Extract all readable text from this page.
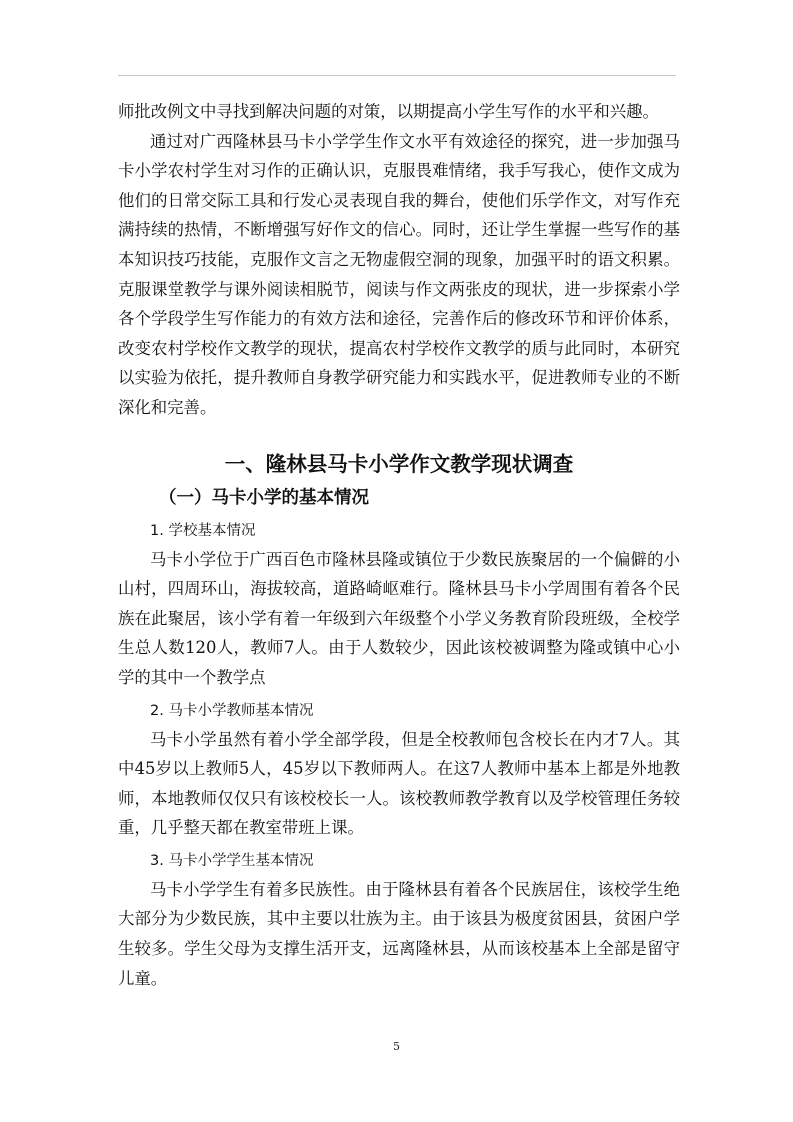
师批改例文中寻找到解决问题的对策，以期提高小学生写作的水平和兴趣。

通过对广西隆林县马卡小学学生作文水平有效途径的探究，进一步加强马卡小学农村学生对习作的正确认识，克服畏难情绪，我手写我心，使作文成为他们的日常交际工具和行发心灵表现自我的舞台，使他们乐学作文，对写作充满持续的热情，不断增强写好作文的信心。同时，还让学生掌握一些写作的基本知识技巧技能，克服作文言之无物虚假空洞的现象，加强平时的语文积累。克服课堂教学与课外阅读相脱节，阅读与作文两张皮的现状，进一步探索小学各个学段学生写作能力的有效方法和途径，完善作后的修改环节和评价体系，改变农村学校作文教学的现状，提高农村学校作文教学的质与此同时，本研究以实验为依托，提升教师自身教学研究能力和实践水平，促进教师专业的不断深化和完善。

一、隆林县马卡小学作文教学现状调查
（一）马卡小学的基本情况
1. 学校基本情况

马卡小学位于广西百色市隆林县隆或镇位于少数民族聚居的一个偏僻的小山村，四周环山，海拔较高，道路崎岖难行。隆林县马卡小学周围有着各个民族在此聚居，该小学有着一年级到六年级整个小学义务教育阶段班级，全校学生总人数120人，教师7人。由于人数较少，因此该校被调整为隆或镇中心小学的其中一个教学点

2. 马卡小学教师基本情况

马卡小学虽然有着小学全部学段，但是全校教师包含校长在内才7人。其中45岁以上教师5人，45岁以下教师两人。在这7人教师中基本上都是外地教师，本地教师仅仅只有该校校长一人。该校教师教学教育以及学校管理任务较重，几乎整天都在教室带班上课。

3. 马卡小学学生基本情况

马卡小学学生有着多民族性。由于隆林县有着各个民族居住，该校学生绝大部分为少数民族，其中主要以壮族为主。由于该县为极度贫困县，贫困户学生较多。学生父母为支撑生活开支，远离隆林县，从而该校基本上全部是留守儿童。

5
